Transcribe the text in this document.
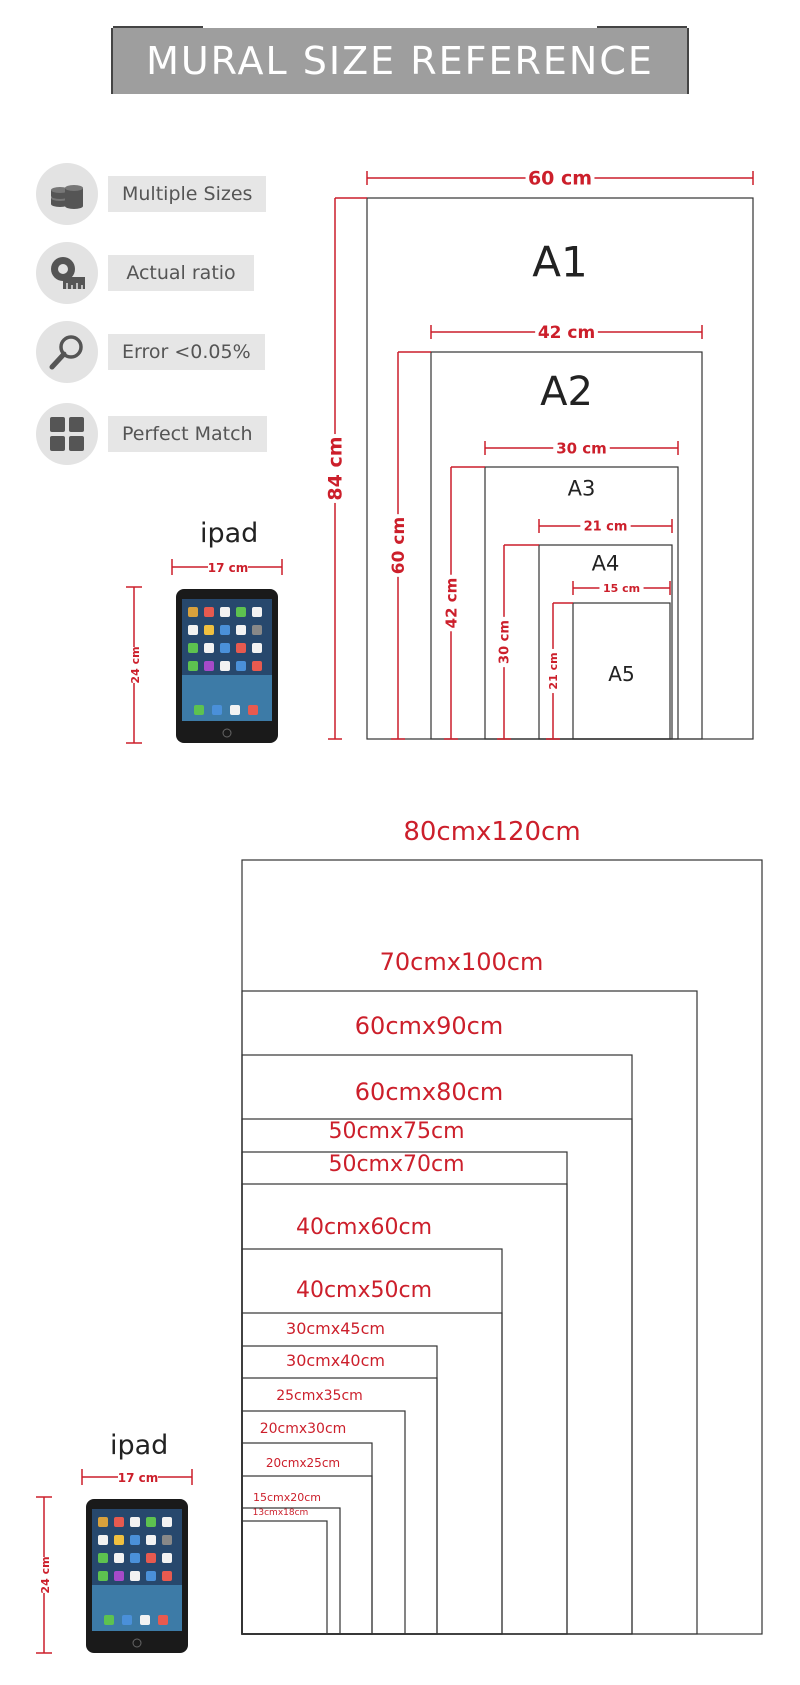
MURAL SIZE REFERENCE
Multiple Sizes
Actual ratio
Error <0.05%
Perfect Match
ipad
17 cm
24 cm
60 cm
84 cm
A1
42 cm
60 cm
A2
30 cm
42 cm
A3
21 cm
30 cm
A4
15 cm
21 cm A5
80cmx120cm
70cmx100cm
60cmx90cm
60cmx80cm
50cmx75cm
50cmx70cm
40cmx60cm
40cmx50cm
30cmx45cm
30cmx40cm
25cmx35cm
20cmx30cm
20cmx25cm
15cmx20cm
13cmx18cm
ipad
17 cm
24 cm
